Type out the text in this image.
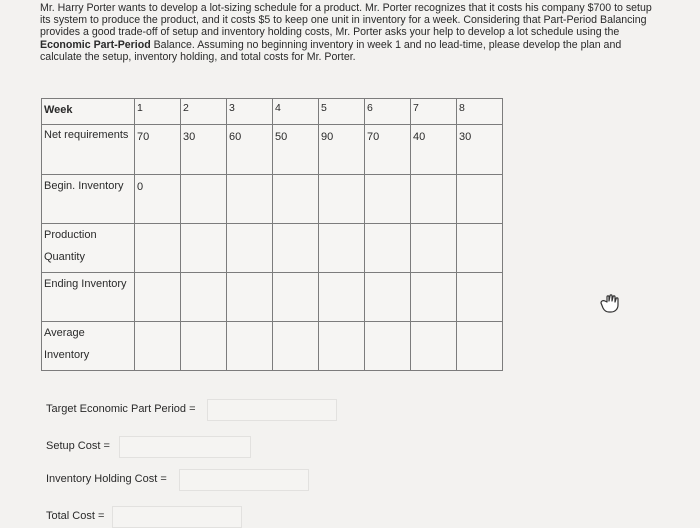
Mr. Harry Porter wants to develop a lot-sizing schedule for a product. Mr. Porter recognizes that it costs his company $700 to setup its system to produce the product, and it costs $5 to keep one unit in inventory for a week. Considering that Part-Period Balancing provides a good trade-off of setup and inventory holding costs, Mr. Porter asks your help to develop a lot schedule using the Economic Part-Period Balance. Assuming no beginning inventory in week 1 and no lead-time, please develop the plan and calculate the setup, inventory holding, and total costs for Mr. Porter.
Week	1	2	3	4	5	6	7	8
Net requirements	70	30	60	50	90	70	40	30
Begin. Inventory	0							
Production Quantity								
Ending Inventory								
Average Inventory								
Target Economic Part Period =
Setup Cost =
Inventory Holding Cost =
Total Cost =
